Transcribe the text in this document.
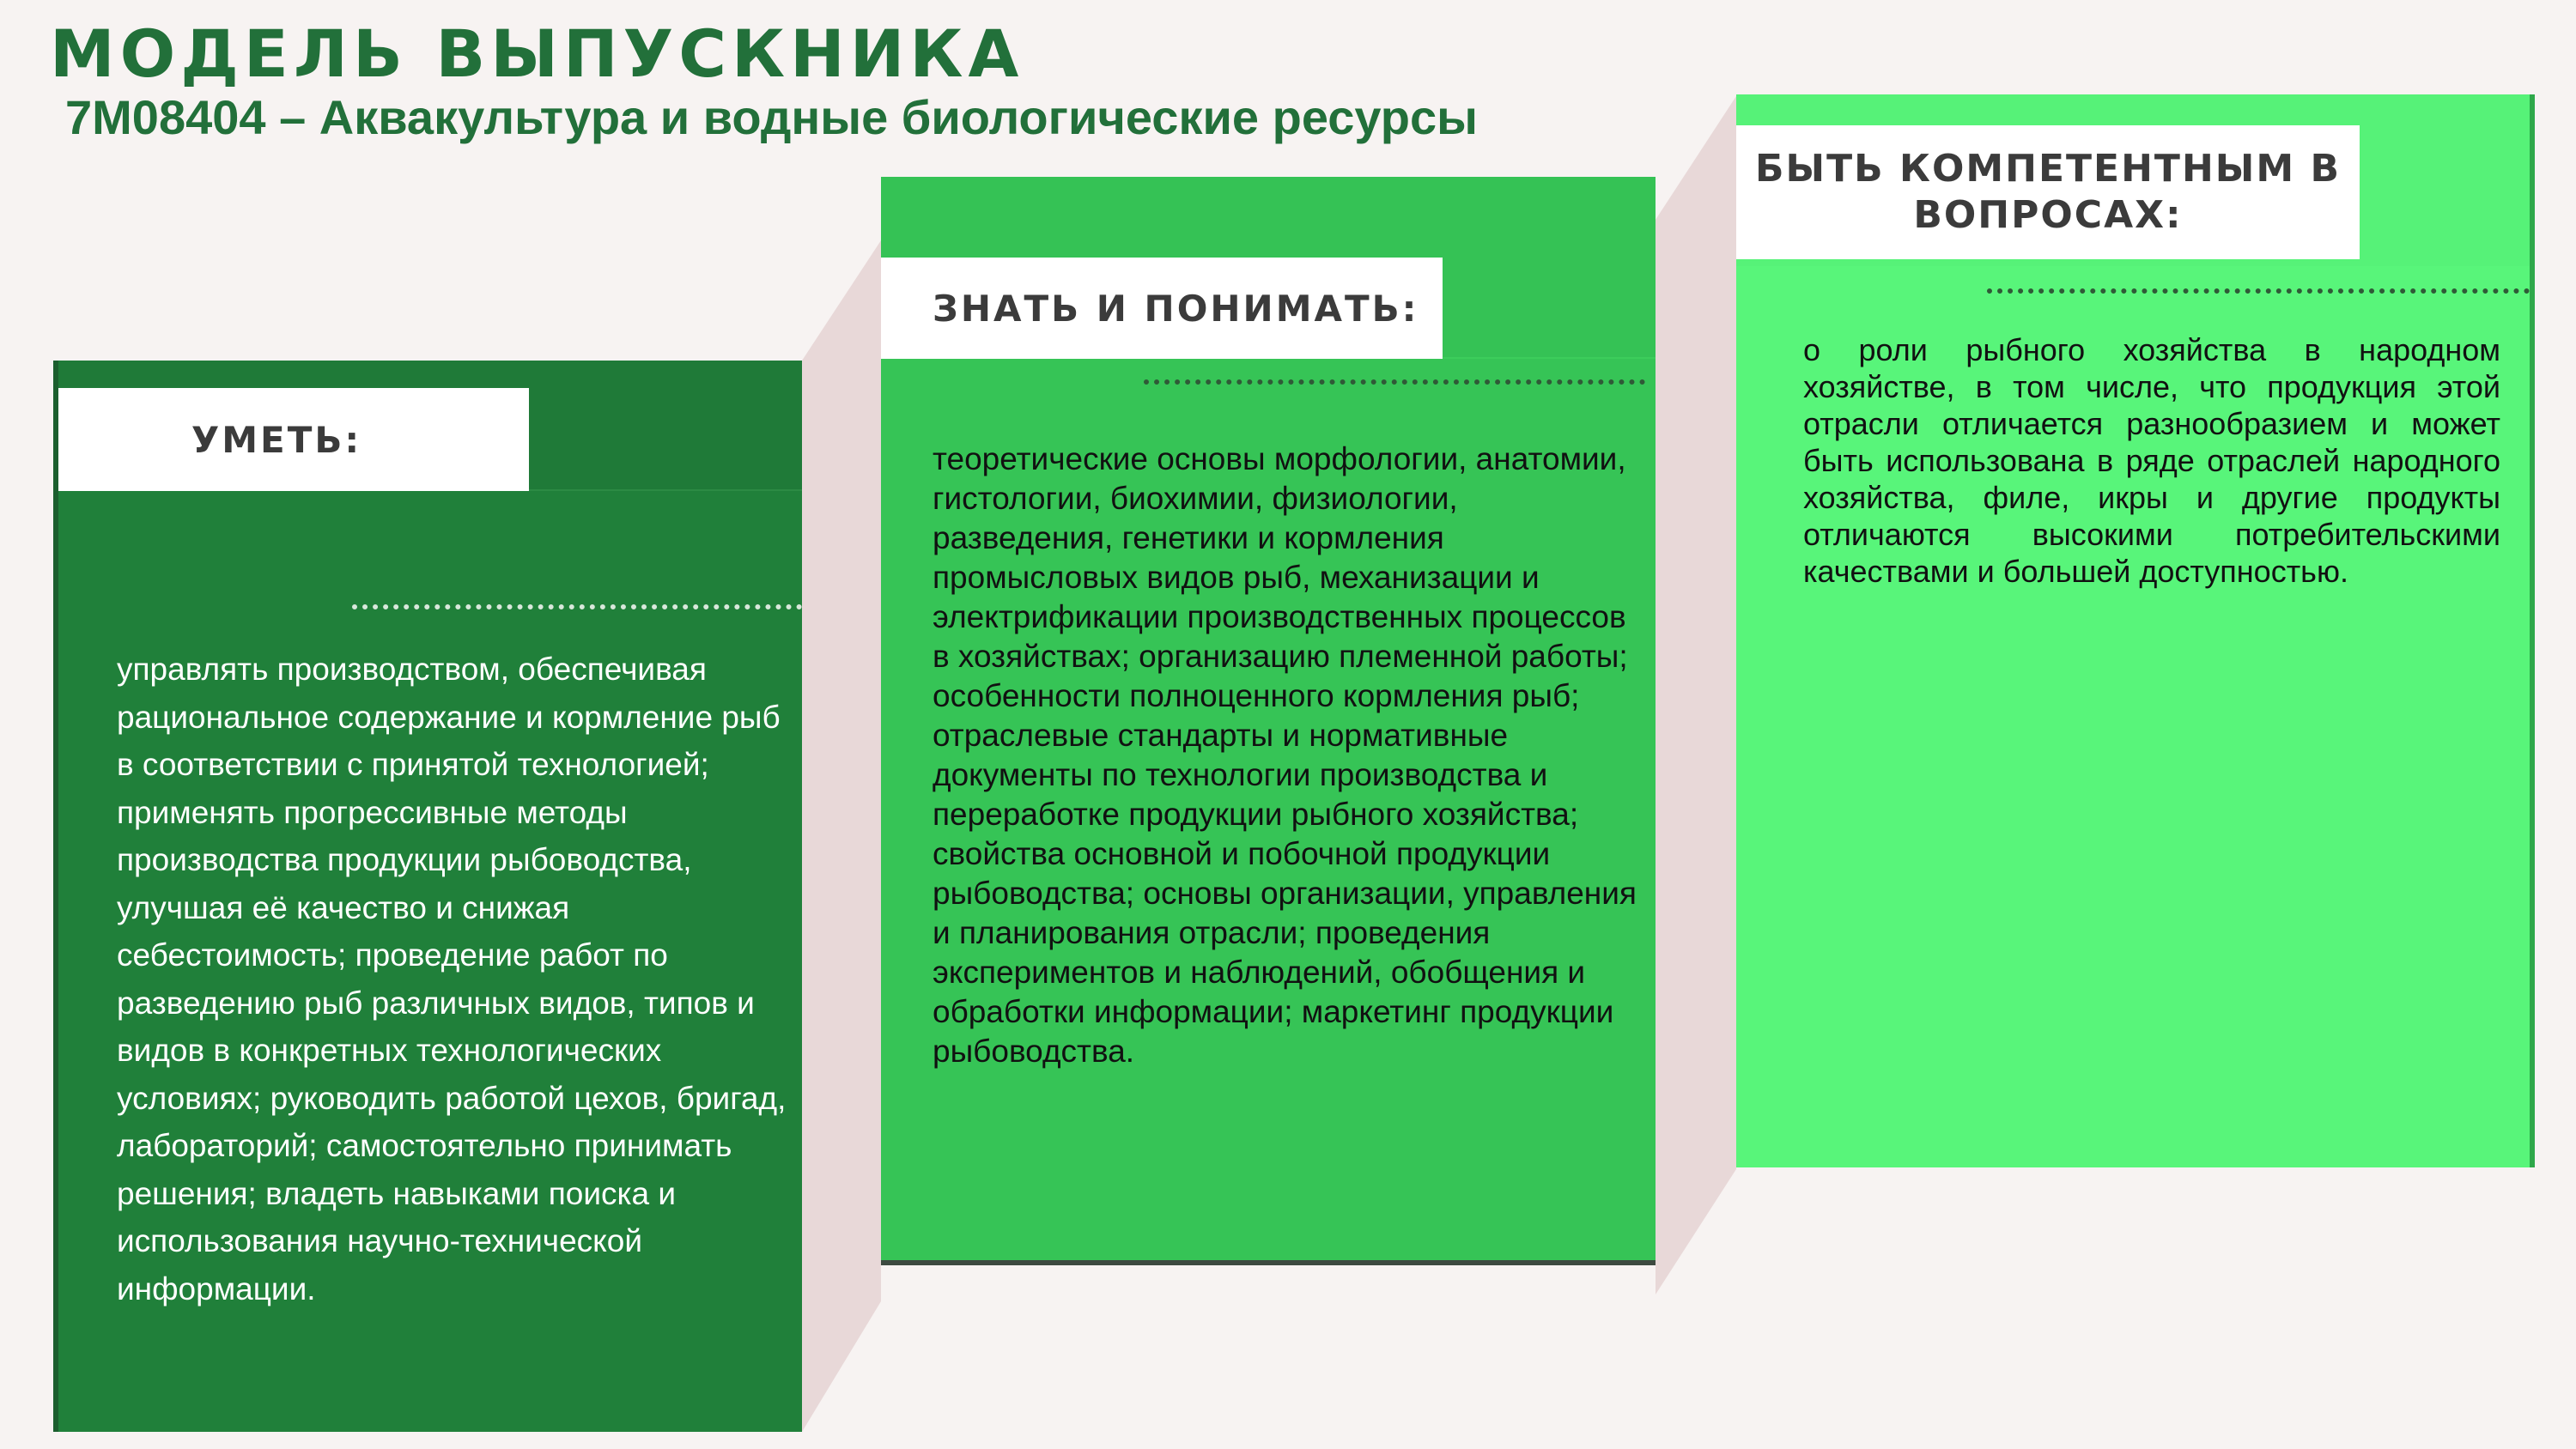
МОДЕЛЬ ВЫПУСКНИКА
7М08404 – Аквакультура и водные биологические ресурсы
УМЕТЬ:

управлять производством, обеспечивая рациональное содержание и кормление рыб в соответствии с принятой технологией; применять прогрессивные методы производства продукции рыбоводства, улучшая её качество и снижая себестоимость; проведение работ по разведению рыб различных видов, типов и видов в конкретных технологических условиях; руководить работой цехов, бригад, лабораторий; самостоятельно принимать решения; владеть навыками поиска и использования научно-технической информации.

ЗНАТЬ И ПОНИМАТЬ:

теоретические основы морфологии, анатомии, гистологии, биохимии, физиологии, разведения, генетики и кормления промысловых видов рыб, механизации и электрификации производственных процессов в хозяйствах; организацию племенной работы; особенности полноценного кормления рыб; отраслевые стандарты и нормативные документы по технологии производства и переработке продукции рыбного хозяйства; свойства основной и побочной продукции рыбоводства; основы организации, управления и планирования отрасли; проведения экспериментов и наблюдений, обобщения и обработки информации; маркетинг продукции рыбоводства.

БЫТЬ КОМПЕТЕНТНЫМ В ВОПРОСАХ:

о роли рыбного хозяйства в народном хозяйстве, в том числе, что продукция этой отрасли отличается разнообразием и может быть использована в ряде отраслей народного хозяйства, филе, икры и другие продукты отличаются высокими потребительскими качествами и большей доступностью.
